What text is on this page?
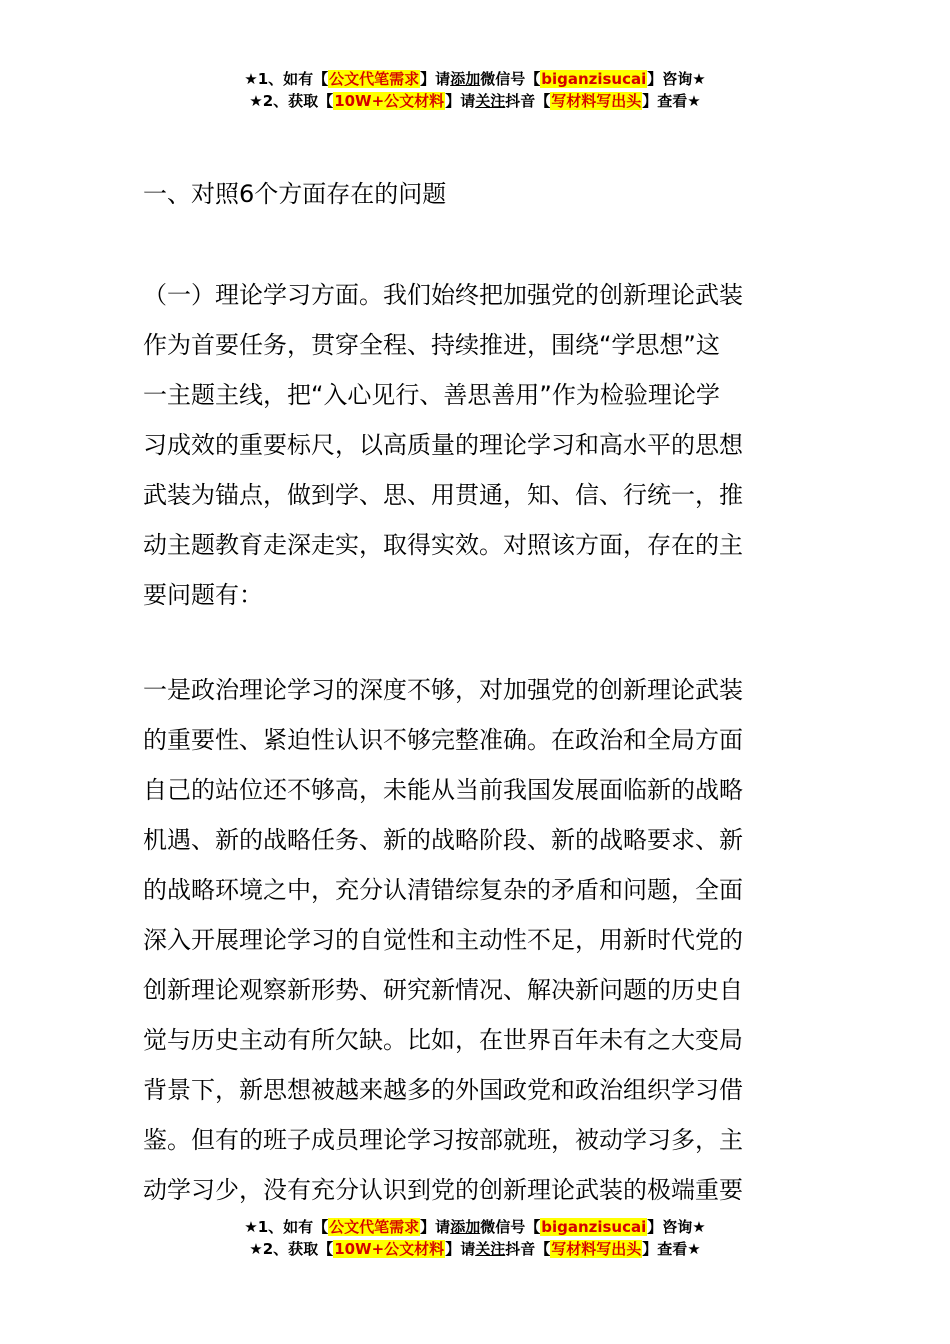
★1、如有【公文代笔需求】请添加微信号【biganzisucai】咨询★
★2、获取【10W+公文材料】请关注抖音【写材料写出头】查看★
一、对照6个方面存在的问题
（一）理论学习方面。我们始终把加强党的创新理论武装
作为首要任务，贯穿全程、持续推进，围绕“学思想”这
一主题主线，把“入心见行、善思善用”作为检验理论学
习成效的重要标尺，以高质量的理论学习和高水平的思想
武装为锚点，做到学、思、用贯通，知、信、行统一，推
动主题教育走深走实，取得实效。对照该方面，存在的主
要问题有：
一是政治理论学习的深度不够，对加强党的创新理论武装
的重要性、紧迫性认识不够完整准确。在政治和全局方面
自己的站位还不够高，未能从当前我国发展面临新的战略
机遇、新的战略任务、新的战略阶段、新的战略要求、新
的战略环境之中，充分认清错综复杂的矛盾和问题，全面
深入开展理论学习的自觉性和主动性不足，用新时代党的
创新理论观察新形势、研究新情况、解决新问题的历史自
觉与历史主动有所欠缺。比如，在世界百年未有之大变局
背景下，新思想被越来越多的外国政党和政治组织学习借
鉴。但有的班子成员理论学习按部就班，被动学习多，主
动学习少，没有充分认识到党的创新理论武装的极端重要
★1、如有【公文代笔需求】请添加微信号【biganzisucai】咨询★
★2、获取【10W+公文材料】请关注抖音【写材料写出头】查看★
